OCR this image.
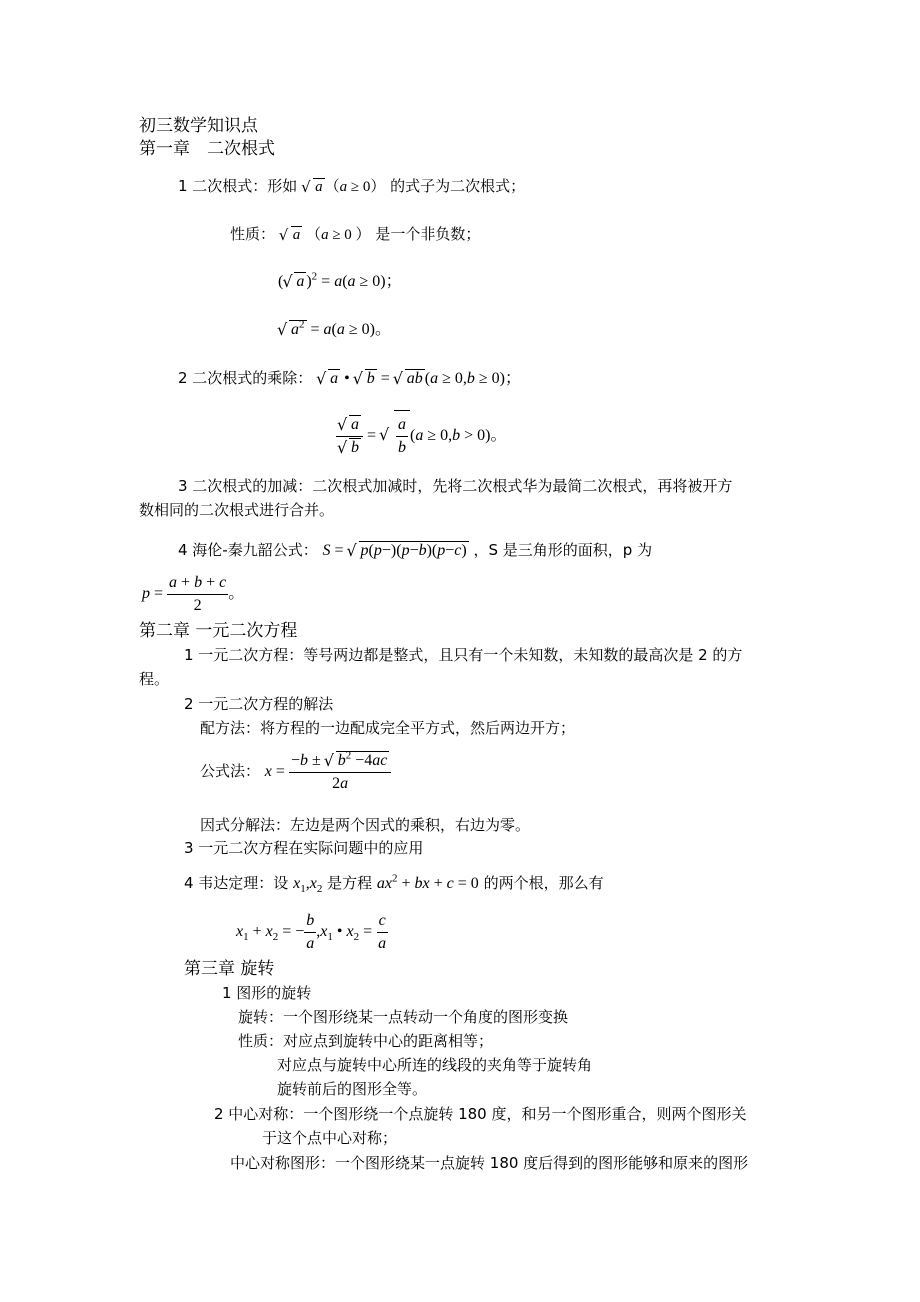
初三数学知识点
第一章　二次根式
1 二次根式：形如 √ a （a ≥ 0） 的式子为二次根式；
性质： √ a （a ≥ 0 ） 是一个非负数；
( √ a )$^2$ = a(a ≥ 0)；
√ $a^2 = a(a \ge 0)$。
2 二次根式的乘除： √ a • √ b = √ ab (a ≥ 0,b ≥ 0)；
√ a
√ b = √ $\frac{a}{b} (a \ge 0,b > 0)$。
3 二次根式的加减：二次根式加减时，先将二次根式华为最简二次根式，再将被开方
数相同的二次根式进行合并。
4 海伦-秦九韶公式： S = √ p(p−)(p−b)(p−c) ，S 是三角形的面积，p 为
$p = \frac{a + b + c}{2}$ 。
第二章 一元二次方程
1 一元二次方程：等号两边都是整式，且只有一个未知数，未知数的最高次是 2 的方
程。
2 一元二次方程的解法
配方法：将方程的一边配成完全平方式，然后两边开方；
公式法： $x = \frac{-b \pm √ b^2 -4ac}{2a}$
因式分解法：左边是两个因式的乘积，右边为零。
3 一元二次方程在实际问题中的应用
4 韦达定理：设 $x_1,x_2$ 是方程 $ax^2$ + bx + c = 0 的两个根，那么有
$x_1 + x_2$ = − $\frac{b}{a} ,x_1$ • $x_2 = \frac{c}{a}$
第三章 旋转
1 图形的旋转
旋转：一个图形绕某一点转动一个角度的图形变换
性质：对应点到旋转中心的距离相等；
对应点与旋转中心所连的线段的夹角等于旋转角
旋转前后的图形全等。
2 中心对称：一个图形绕一个点旋转 180 度，和另一个图形重合，则两个图形关
于这个点中心对称；
中心对称图形：一个图形绕某一点旋转 180 度后得到的图形能够和原来的图形
